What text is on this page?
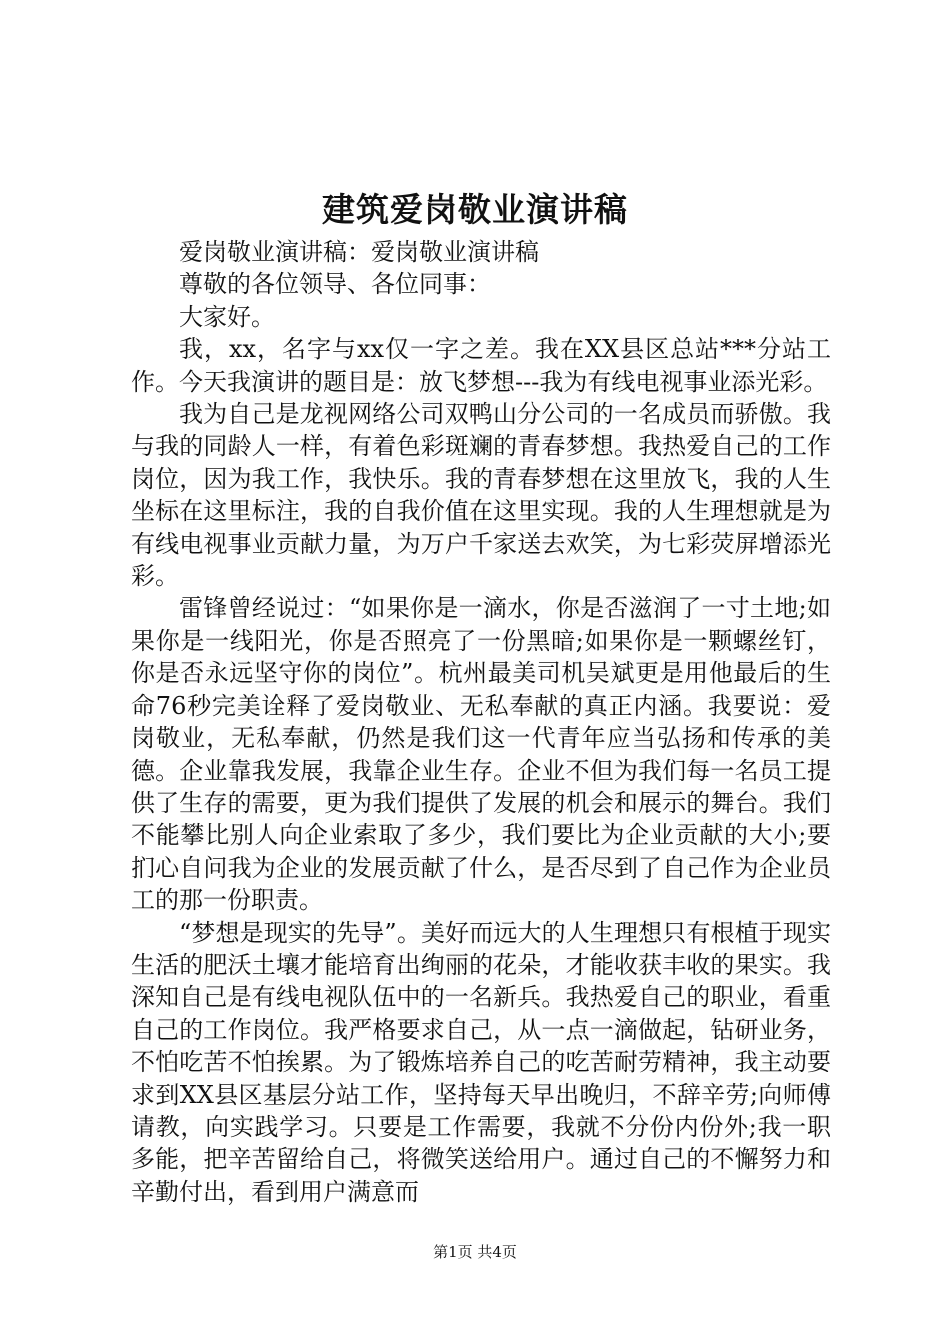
建筑爱岗敬业演讲稿

爱岗敬业演讲稿：爱岗敬业演讲稿

尊敬的各位领导、各位同事：

大家好。

我，xx，名字与xx仅一字之差。我在XX县区总站***分站工作。今天我演讲的题目是：放飞梦想---我为有线电视事业添光彩。

我为自己是龙视网络公司双鸭山分公司的一名成员而骄傲。我与我的同龄人一样，有着色彩斑斓的青春梦想。我热爱自己的工作岗位，因为我工作，我快乐。我的青春梦想在这里放飞，我的人生坐标在这里标注，我的自我价值在这里实现。我的人生理想就是为有线电视事业贡献力量，为万户千家送去欢笑，为七彩荧屏增添光彩。

雷锋曾经说过：“如果你是一滴水，你是否滋润了一寸土地;如果你是一线阳光，你是否照亮了一份黑暗;如果你是一颗螺丝钉，你是否永远坚守你的岗位”。杭州最美司机吴斌更是用他最后的生命76秒完美诠释了爱岗敬业、无私奉献的真正内涵。我要说：爱岗敬业，无私奉献，仍然是我们这一代青年应当弘扬和传承的美德。企业靠我发展，我靠企业生存。企业不但为我们每一名员工提供了生存的需要，更为我们提供了发展的机会和展示的舞台。我们不能攀比别人向企业索取了多少，我们要比为企业贡献的大小;要扪心自问我为企业的发展贡献了什么，是否尽到了自己作为企业员工的那一份职责。

“梦想是现实的先导”。美好而远大的人生理想只有根植于现实生活的肥沃土壤才能培育出绚丽的花朵，才能收获丰收的果实。我深知自己是有线电视队伍中的一名新兵。我热爱自己的职业，看重自己的工作岗位。我严格要求自己，从一点一滴做起，钻研业务，不怕吃苦不怕挨累。为了锻炼培养自己的吃苦耐劳精神，我主动要求到XX县区基层分站工作，坚持每天早出晚归，不辞辛劳;向师傅请教，向实践学习。只要是工作需要，我就不分份内份外;我一职多能，把辛苦留给自己，将微笑送给用户。通过自己的不懈努力和辛勤付出，看到用户满意而

第1页 共4页
